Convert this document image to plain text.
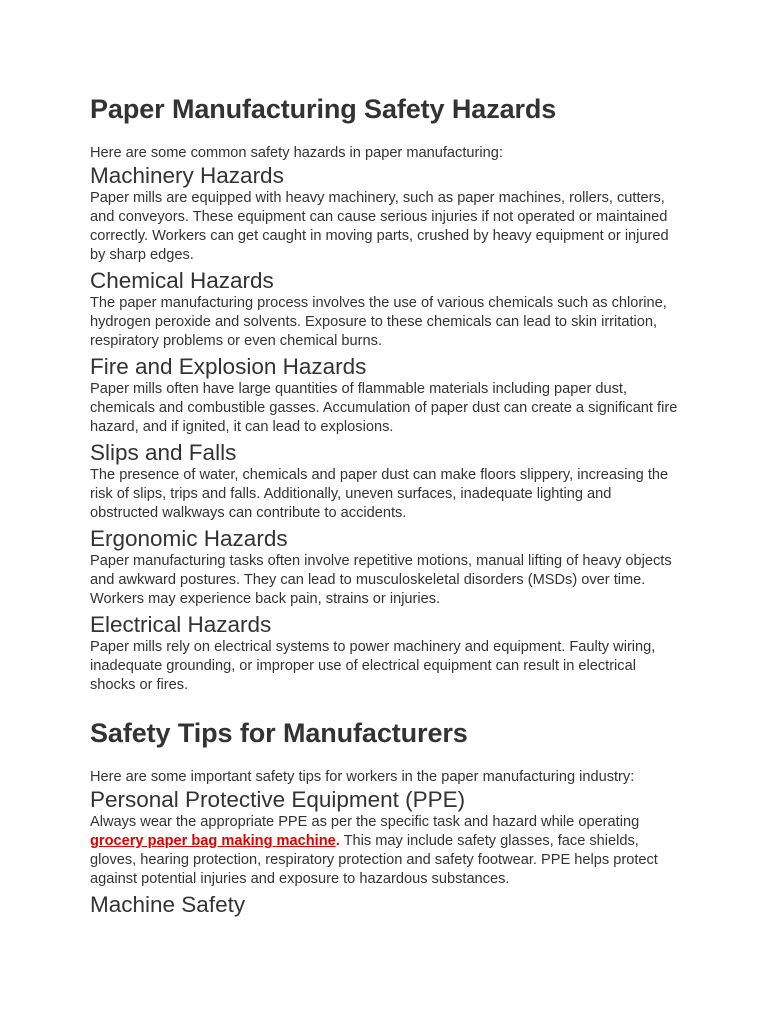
Paper Manufacturing Safety Hazards

Here are some common safety hazards in paper manufacturing:

Machinery Hazards

Paper mills are equipped with heavy machinery, such as paper machines, rollers, cutters, and conveyors. These equipment can cause serious injuries if not operated or maintained correctly. Workers can get caught in moving parts, crushed by heavy equipment or injured by sharp edges.

Chemical Hazards

The paper manufacturing process involves the use of various chemicals such as chlorine, hydrogen peroxide and solvents. Exposure to these chemicals can lead to skin irritation, respiratory problems or even chemical burns.

Fire and Explosion Hazards

Paper mills often have large quantities of flammable materials including paper dust, chemicals and combustible gasses. Accumulation of paper dust can create a significant fire hazard, and if ignited, it can lead to explosions.

Slips and Falls

The presence of water, chemicals and paper dust can make floors slippery, increasing the risk of slips, trips and falls. Additionally, uneven surfaces, inadequate lighting and obstructed walkways can contribute to accidents.

Ergonomic Hazards

Paper manufacturing tasks often involve repetitive motions, manual lifting of heavy objects and awkward postures. They can lead to musculoskeletal disorders (MSDs) over time. Workers may experience back pain, strains or injuries.

Electrical Hazards

Paper mills rely on electrical systems to power machinery and equipment. Faulty wiring, inadequate grounding, or improper use of electrical equipment can result in electrical shocks or fires.

Safety Tips for Manufacturers

Here are some important safety tips for workers in the paper manufacturing industry:

Personal Protective Equipment (PPE)

Always wear the appropriate PPE as per the specific task and hazard while operating grocery paper bag making machine. This may include safety glasses, face shields, gloves, hearing protection, respiratory protection and safety footwear. PPE helps protect against potential injuries and exposure to hazardous substances.

Machine Safety
